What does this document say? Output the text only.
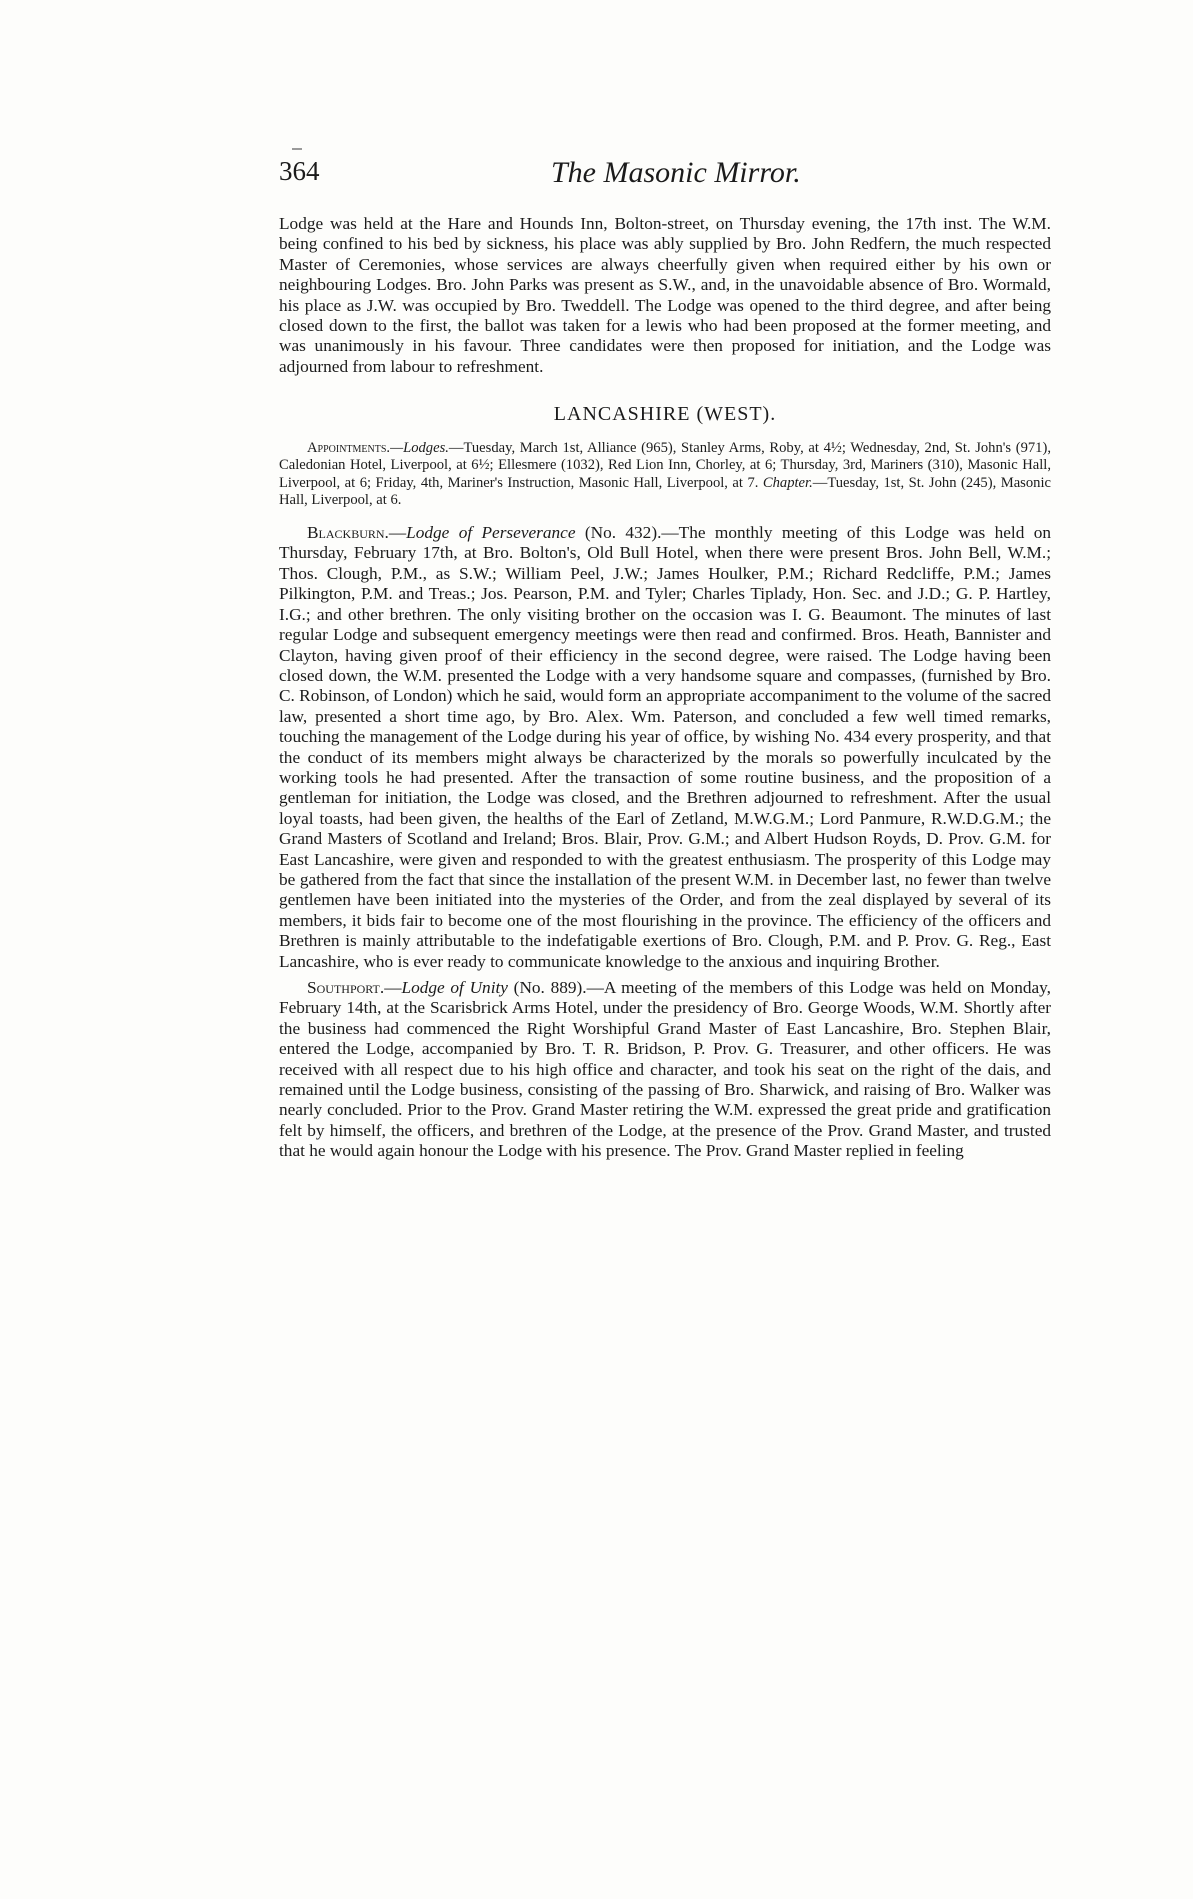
364	The Masonic Mirror.

Lodge was held at the Hare and Hounds Inn, Bolton-street, on Thursday evening, the 17th inst. The W.M. being confined to his bed by sickness, his place was ably supplied by Bro. John Redfern, the much respected Master of Ceremonies, whose services are always cheerfully given when required either by his own or neighbouring Lodges. Bro. John Parks was present as S.W., and, in the unavoidable absence of Bro. Wormald, his place as J.W. was occupied by Bro. Tweddell. The Lodge was opened to the third degree, and after being closed down to the first, the ballot was taken for a lewis who had been proposed at the former meeting, and was unanimously in his favour. Three candidates were then proposed for initiation, and the Lodge was adjourned from labour to refreshment.

LANCASHIRE (WEST).

Appointments.—Lodges.—Tuesday, March 1st, Alliance (965), Stanley Arms, Roby, at 4½; Wednesday, 2nd, St. John's (971), Caledonian Hotel, Liverpool, at 6½; Ellesmere (1032), Red Lion Inn, Chorley, at 6; Thursday, 3rd, Mariners (310), Masonic Hall, Liverpool, at 6; Friday, 4th, Mariner's Instruction, Masonic Hall, Liverpool, at 7. Chapter.—Tuesday, 1st, St. John (245), Masonic Hall, Liverpool, at 6.

Blackburn.—Lodge of Perseverance (No. 432).—The monthly meeting of this Lodge was held on Thursday, February 17th, at Bro. Bolton's, Old Bull Hotel, when there were present Bros. John Bell, W.M.; Thos. Clough, P.M., as S.W.; William Peel, J.W.; James Houlker, P.M.; Richard Redcliffe, P.M.; James Pilkington, P.M. and Treas.; Jos. Pearson, P.M. and Tyler; Charles Tiplady, Hon. Sec. and J.D.; G. P. Hartley, I.G.; and other brethren. The only visiting brother on the occasion was I. G. Beaumont. The minutes of last regular Lodge and subsequent emergency meetings were then read and confirmed. Bros. Heath, Bannister and Clayton, having given proof of their efficiency in the second degree, were raised. The Lodge having been closed down, the W.M. presented the Lodge with a very handsome square and compasses, (furnished by Bro. C. Robinson, of London) which he said, would form an appropriate accompaniment to the volume of the sacred law, presented a short time ago, by Bro. Alex. Wm. Paterson, and concluded a few well timed remarks, touching the management of the Lodge during his year of office, by wishing No. 434 every prosperity, and that the conduct of its members might always be characterized by the morals so powerfully inculcated by the working tools he had presented. After the transaction of some routine business, and the proposition of a gentleman for initiation, the Lodge was closed, and the Brethren adjourned to refreshment. After the usual loyal toasts, had been given, the healths of the Earl of Zetland, M.W.G.M.; Lord Panmure, R.W.D.G.M.; the Grand Masters of Scotland and Ireland; Bros. Blair, Prov. G.M.; and Albert Hudson Royds, D. Prov. G.M. for East Lancashire, were given and responded to with the greatest enthusiasm. The prosperity of this Lodge may be gathered from the fact that since the installation of the present W.M. in December last, no fewer than twelve gentlemen have been initiated into the mysteries of the Order, and from the zeal displayed by several of its members, it bids fair to become one of the most flourishing in the province. The efficiency of the officers and Brethren is mainly attributable to the indefatigable exertions of Bro. Clough, P.M. and P. Prov. G. Reg., East Lancashire, who is ever ready to communicate knowledge to the anxious and inquiring Brother.

Southport.—Lodge of Unity (No. 889).—A meeting of the members of this Lodge was held on Monday, February 14th, at the Scarisbrick Arms Hotel, under the presidency of Bro. George Woods, W.M. Shortly after the business had commenced the Right Worshipful Grand Master of East Lancashire, Bro. Stephen Blair, entered the Lodge, accompanied by Bro. T. R. Bridson, P. Prov. G. Treasurer, and other officers. He was received with all respect due to his high office and character, and took his seat on the right of the dais, and remained until the Lodge business, consisting of the passing of Bro. Sharwick, and raising of Bro. Walker was nearly concluded. Prior to the Prov. Grand Master retiring the W.M. expressed the great pride and gratification felt by himself, the officers, and brethren of the Lodge, at the presence of the Prov. Grand Master, and trusted that he would again honour the Lodge with his presence. The Prov. Grand Master replied in feeling
